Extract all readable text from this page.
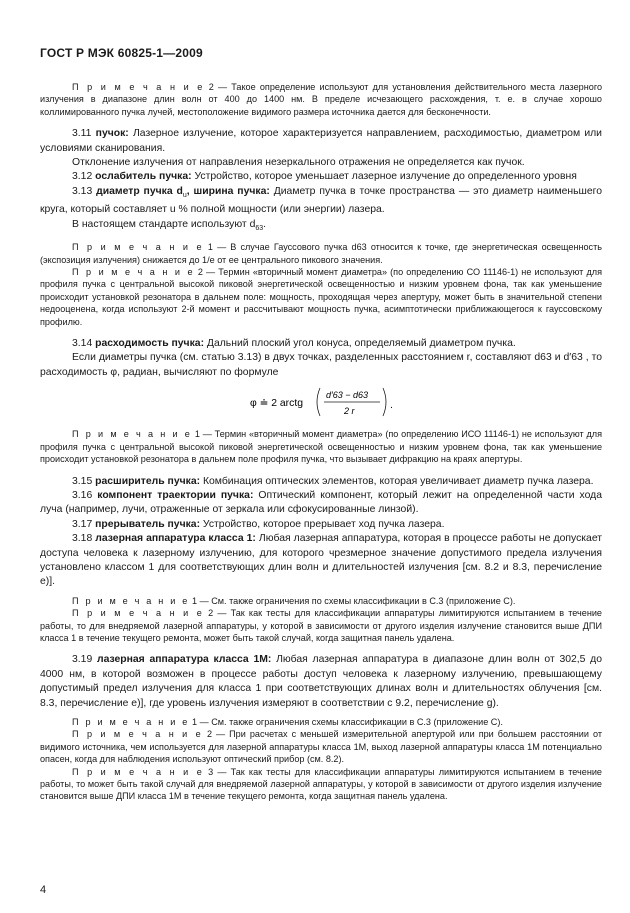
ГОСТ Р МЭК 60825-1—2009

П р и м е ч а н и е 2 — Такое определение используют для установления действительного места лазерного излучения в диапазоне длин волн от 400 до 1400 нм. В пределе исчезающего расхождения, т. е. в случае хорошо коллимированного пучка лучей, местоположение видимого размера источника дается для бесконечности.

3.11 пучок: Лазерное излучение, которое характеризуется направлением, расходимостью, диаметром или условиями сканирования.

Отклонение излучения от направления незеркального отражения не определяется как пучок.

3.12 ослабитель пучка: Устройство, которое уменьшает лазерное излучение до определенного уровня

3.13 диаметр пучка $d_u$, ширина пучка: Диаметр пучка в точке пространства — это диаметр наименьшего круга, который составляет u % полной мощности (или энергии) лазера.

В настоящем стандарте используют $d_{63}$.

П р и м е ч а н и е 1 — В случае Гауссового пучка d63 относится к точке, где энергетическая освещенность (экспозиция излучения) снижается до 1/е от ее центрального пикового значения.

П р и м е ч а н и е 2 — Термин «вторичный момент диаметра» (по определению СО 11146-1) не используют для профиля пучка с центральной высокой пиковой энергетической освещенностью и низким уровнем фона, так как уменьшение происходит установкой резонатора в дальнем поле: мощность, проходящая через апертуру, может быть в значительной степени недооценена, когда используют 2-й момент и рассчитывают мощность пучка, асимптотически приближающегося к гауссовскому профилю.

3.14 расходимость пучка: Дальний плоский угол конуса, определяемый диаметром пучка.

Если диаметры пучка (см. статью 3.13) в двух точках, разделенных расстоянием r, составляют d63 и d′63 , то расходимость φ, радиан, вычисляют по формуле

φ ≐ 2 arctg
d′63 − d63
2 r	.

П р и м е ч а н и е 1 — Термин «вторичный момент диаметра» (по определению ИСО 11146-1) не используют для профиля пучка с центральной высокой пиковой энергетической освещенностью и низким уровнем фона, так как уменьшение происходит установкой резонатора в дальнем поле профиля пучка, что вызывает дифракцию на краях апертуры.

3.15 расширитель пучка: Комбинация оптических элементов, которая увеличивает диаметр пучка лазера.

3.16 компонент траектории пучка: Оптический компонент, который лежит на определенной части хода луча (например, лучи, отраженные от зеркала или сфокусированные линзой).

3.17 прерыватель пучка: Устройство, которое прерывает ход пучка лазера.

3.18 лазерная аппаратура класса 1: Любая лазерная аппаратура, которая в процессе работы не допускает доступа человека к лазерному излучению, для которого чрезмерное значение допустимого предела излучения установлено классом 1 для соответствующих длин волн и длительностей излучения [см. 8.2 и 8.3, перечисление е)].

П р и м е ч а н и е 1 — См. также ограничения по схемы классификации в С.3 (приложение С).

П р и м е ч а н и е 2 — Так как тесты для классификации аппаратуры лимитируются испытанием в течение работы, то для внедряемой лазерной аппаратуры, у которой в зависимости от другого изделия излучение становится выше ДПИ класса 1 в течение текущего ремонта, может быть такой случай, когда защитная панель удалена.

3.19 лазерная аппаратура класса 1М: Любая лазерная аппаратура в диапазоне длин волн от 302,5 до 4000 нм, в которой возможен в процессе работы доступ человека к лазерному излучению, превышающему допустимый предел излучения для класса 1 при соответствующих длинах волн и длительностях облучения [см. 8.3, перечисление е)], где уровень излучения измеряют в соответствии с 9.2, перечисление g).

П р и м е ч а н и е 1 — См. также ограничения схемы классификации в С.3 (приложение С).

П р и м е ч а н и е 2 — При расчетах с меньшей измерительной апертурой или при большем расстоянии от видимого источника, чем используется для лазерной аппаратуры класса 1М, выход лазерной аппаратуры класса 1М потенциально опасен, когда для наблюдения используют оптический прибор (см. 8.2).

П р и м е ч а н и е 3 — Так как тесты для классификации аппаратуры лимитируются испытанием в течение работы, то может быть такой случай для внедряемой лазерной аппаратуры, у которой в зависимости от другого изделия излучение становится выше ДПИ класса 1М в течение текущего ремонта, когда защитная панель удалена.

4
